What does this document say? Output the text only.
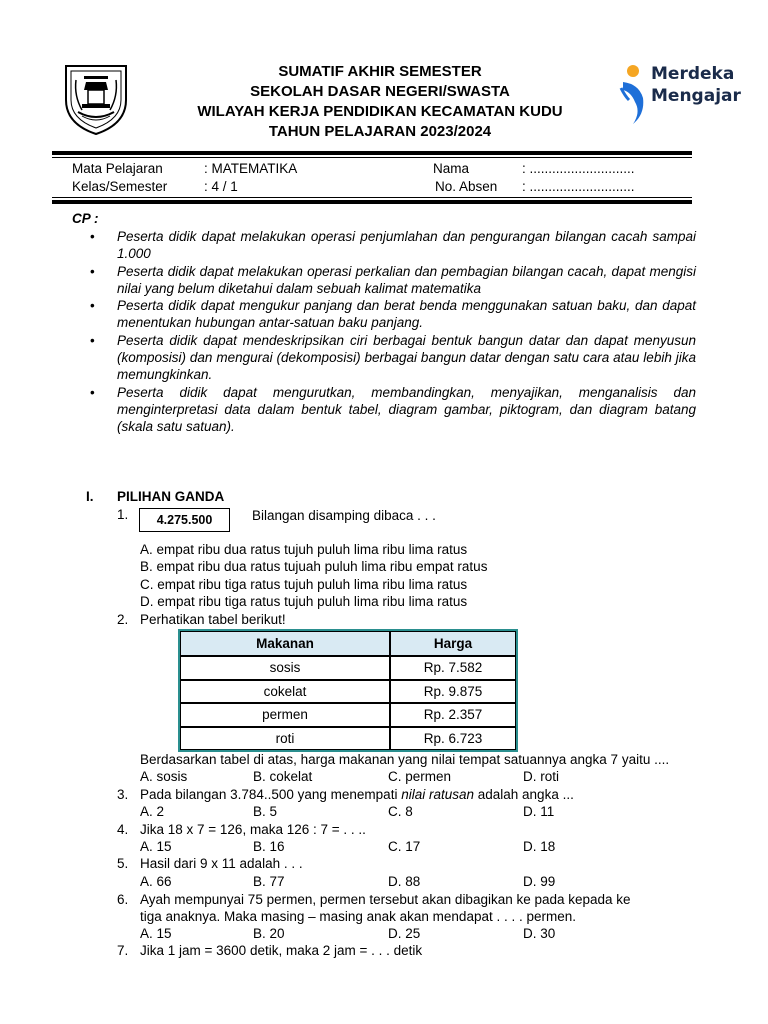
SUMATIF AKHIR SEMESTER
SEKOLAH DASAR NEGERI/SWASTA
WILAYAH KERJA PENDIDIKAN KECAMATAN KUDU
TAHUN PELAJARAN 2023/2024
Merdeka
Mengajar
Mata Pelajaran	: MATEMATIKA	Nama	: ............................
Kelas/Semester	: 4 / 1	No. Absen : ............................
CP :
• Peserta didik dapat melakukan operasi penjumlahan dan pengurangan bilangan cacah sampai 1.000
• Peserta didik dapat melakukan operasi perkalian dan pembagian bilangan cacah, dapat mengisi nilai yang belum diketahui dalam sebuah kalimat matematika
• Peserta didik dapat mengukur panjang dan berat benda menggunakan satuan baku, dan dapat menentukan hubungan antar-satuan baku panjang.
• Peserta didik dapat mendeskripsikan ciri berbagai bentuk bangun datar dan dapat menyusun (komposisi) dan mengurai (dekomposisi) berbagai bangun datar dengan satu cara atau lebih jika memungkinkan.
• Peserta didik dapat mengurutkan, membandingkan, menyajikan, menganalisis dan menginterpretasi data dalam bentuk tabel, diagram gambar, piktogram, dan diagram batang (skala satu satuan).
I. PILIHAN GANDA
1.	4.275.500	Bilangan disamping dibaca . . .
A. empat ribu dua ratus tujuh puluh lima ribu lima ratus
B. empat ribu dua ratus tujuah puluh lima ribu empat ratus
C. empat ribu tiga ratus tujuh puluh lima ribu lima ratus
D. empat ribu tiga ratus tujuh puluh lima ribu lima ratus
2. Perhatikan tabel berikut!
Makanan	Harga
sosis	Rp. 7.582
cokelat	Rp. 9.875
permen	Rp. 2.357
roti	Rp. 6.723
Berdasarkan tabel di atas, harga makanan yang nilai tempat satuannya angka 7 yaitu ....
A. sosis	B. cokelat	C. permen	D. roti
3. Pada bilangan 3.784..500 yang menempati nilai ratusan adalah angka ...
A. 2	B. 5	C. 8	D. 11
4. Jika 18 x 7 = 126, maka 126 : 7 = . . ..
A. 15	B. 16	C. 17	D. 18
5. Hasil dari 9 x 11 adalah . . .
A. 66	B. 77	D. 88	D. 99
6. Ayah mempunyai 75 permen, permen tersebut akan dibagikan ke pada kepada ke
tiga anaknya. Maka masing – masing anak akan mendapat . . . . permen.
A. 15	B. 20	D. 25	D. 30
7. Jika 1 jam = 3600 detik, maka 2 jam = . . . detik
